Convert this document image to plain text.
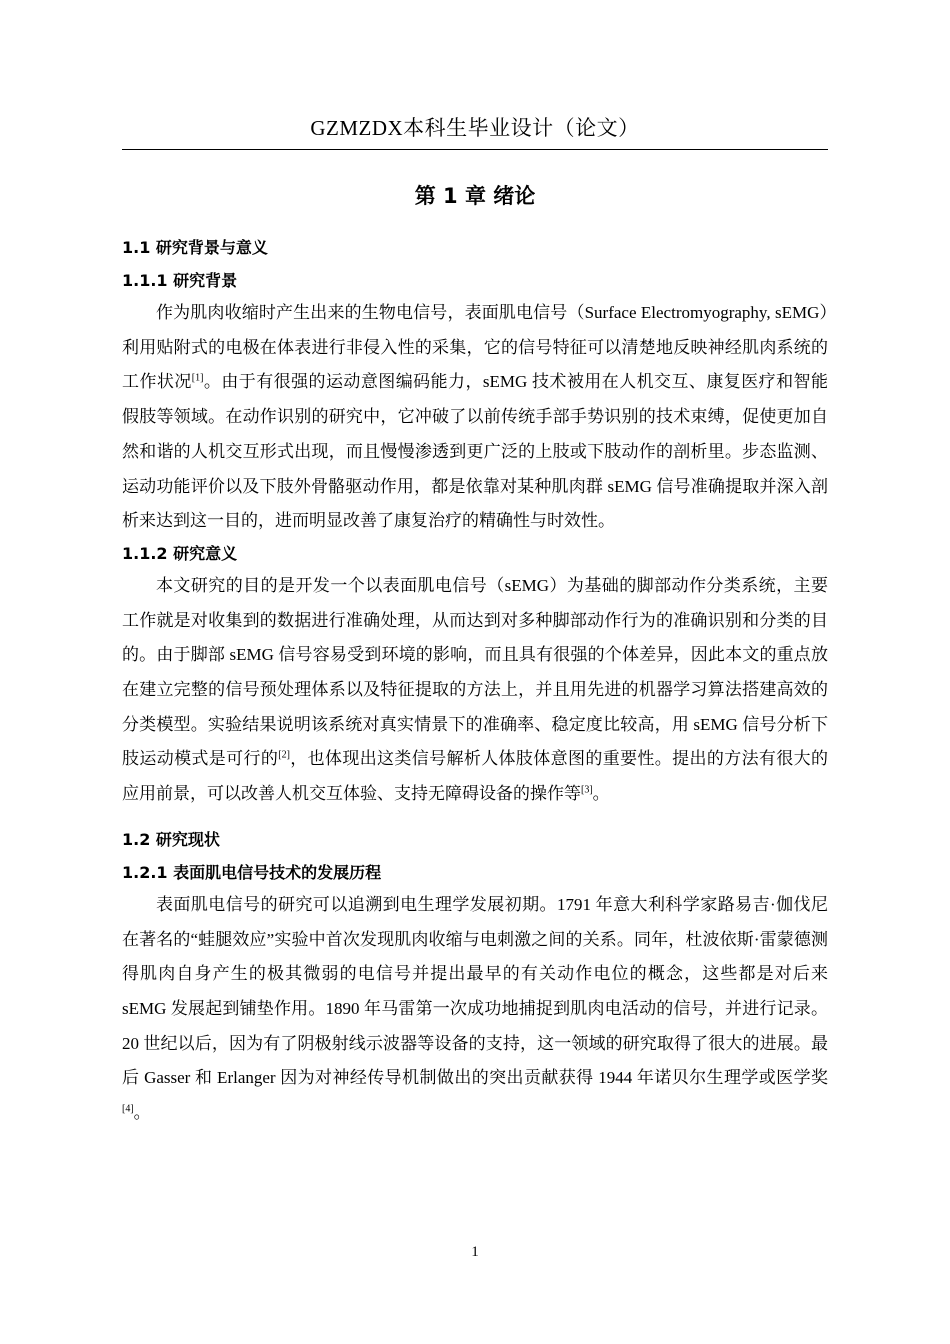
GZMZDX本科生毕业设计（论文）
第 1 章 绪论
1.1 研究背景与意义
1.1.1 研究背景

作为肌肉收缩时产生出来的生物电信号，表面肌电信号（Surface Electromyography, sEMG）利用贴附式的电极在体表进行非侵入性的采集，它的信号特征可以清楚地反映神经肌肉系统的工作状况[1]。由于有很强的运动意图编码能力，sEMG 技术被用在人机交互、康复医疗和智能假肢等领域。在动作识别的研究中，它冲破了以前传统手部手势识别的技术束缚，促使更加自然和谐的人机交互形式出现，而且慢慢渗透到更广泛的上肢或下肢动作的剖析里。步态监测、运动功能评价以及下肢外骨骼驱动作用，都是依靠对某种肌肉群 sEMG 信号准确提取并深入剖析来达到这一目的，进而明显改善了康复治疗的精确性与时效性。

1.1.2 研究意义

本文研究的目的是开发一个以表面肌电信号（sEMG）为基础的脚部动作分类系统，主要工作就是对收集到的数据进行准确处理，从而达到对多种脚部动作行为的准确识别和分类的目的。由于脚部 sEMG 信号容易受到环境的影响，而且具有很强的个体差异，因此本文的重点放在建立完整的信号预处理体系以及特征提取的方法上，并且用先进的机器学习算法搭建高效的分类模型。实验结果说明该系统对真实情景下的准确率、稳定度比较高，用 sEMG 信号分析下肢运动模式是可行的[2]，也体现出这类信号解析人体肢体意图的重要性。提出的方法有很大的应用前景，可以改善人机交互体验、支持无障碍设备的操作等[3]。

1.2 研究现状
1.2.1 表面肌电信号技术的发展历程

表面肌电信号的研究可以追溯到电生理学发展初期。1791 年意大利科学家路易吉·伽伐尼在著名的“蛙腿效应”实验中首次发现肌肉收缩与电刺激之间的关系。同年，杜波依斯·雷蒙德测得肌肉自身产生的极其微弱的电信号并提出最早的有关动作电位的概念，这些都是对后来 sEMG 发展起到铺垫作用。1890 年马雷第一次成功地捕捉到肌肉电活动的信号，并进行记录。20 世纪以后，因为有了阴极射线示波器等设备的支持，这一领域的研究取得了很大的进展。最后 Gasser 和 Erlanger 因为对神经传导机制做出的突出贡献获得 1944 年诺贝尔生理学或医学奖[4]。

1
